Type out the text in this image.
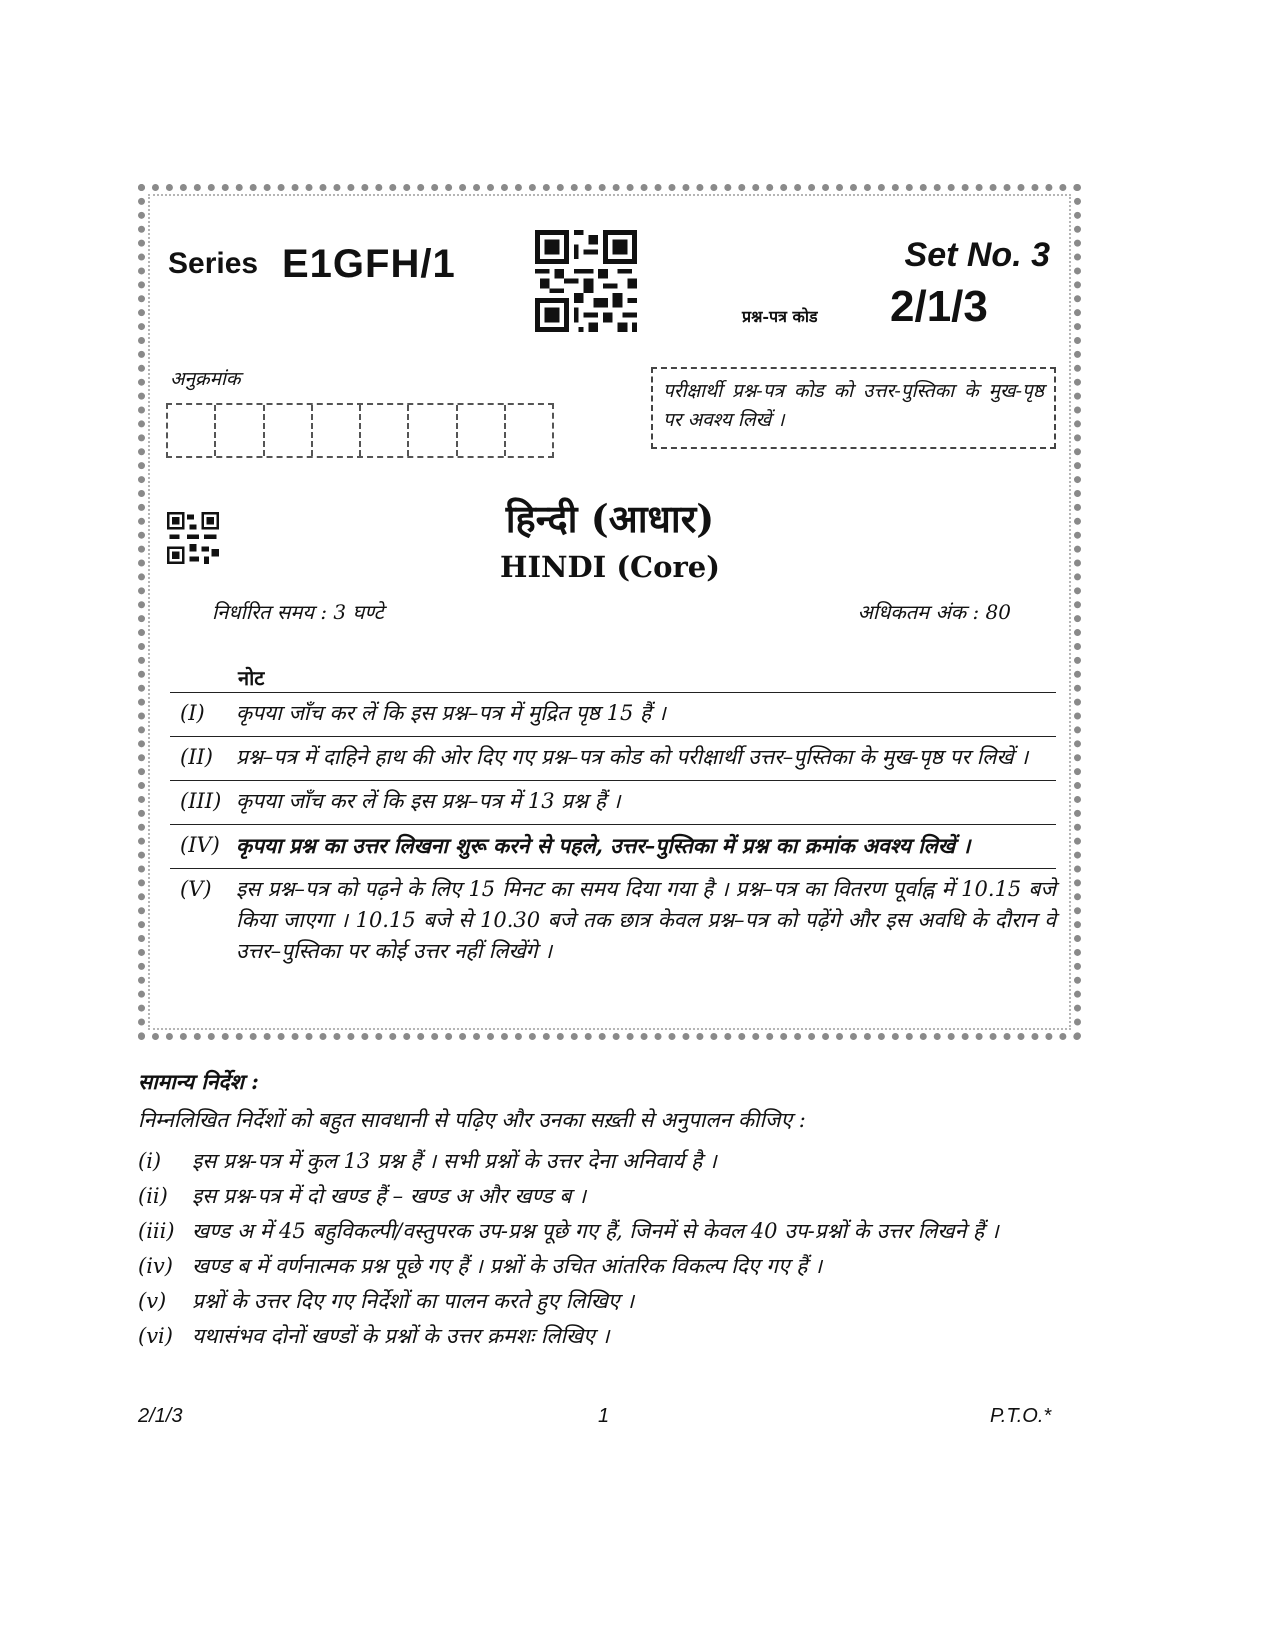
Series E1GFH/1	Set No. 3
प्रश्न-पत्र कोड 2/1/3
अनुक्रमांक
परीक्षार्थी प्रश्न-पत्र कोड को उत्तर-पुस्तिका के मुख-पृष्ठ पर अवश्य लिखें ।
हिन्दी (आधार)
HINDI (Core)
निर्धारित समय : 3 घण्टे	अधिकतम अंक : 80
नोट
(I)	कृपया जाँच कर लें कि इस प्रश्न–पत्र में मुद्रित पृष्ठ 15 हैं ।
(II)	प्रश्न–पत्र में दाहिने हाथ की ओर दिए गए प्रश्न–पत्र कोड को परीक्षार्थी उत्तर–पुस्तिका के मुख-पृष्ठ पर लिखें ।
(III) कृपया जाँच कर लें कि इस प्रश्न–पत्र में 13 प्रश्न हैं ।
(IV) कृपया प्रश्न का उत्तर लिखना शुरू करने से पहले, उत्तर–पुस्तिका में प्रश्न का क्रमांक अवश्य लिखें ।
(V)	इस प्रश्न–पत्र को पढ़ने के लिए 15 मिनट का समय दिया गया है । प्रश्न–पत्र का वितरण पूर्वाह्न में 10.15 बजे किया जाएगा । 10.15 बजे से 10.30 बजे तक छात्र केवल प्रश्न–पत्र को पढ़ेंगे और इस अवधि के दौरान वे उत्तर–पुस्तिका पर कोई उत्तर नहीं लिखेंगे ।
सामान्य निर्देश :
निम्नलिखित निर्देशों को बहुत सावधानी से पढ़िए और उनका सख़्ती से अनुपालन कीजिए :
(i)	इस प्रश्न-पत्र में कुल 13 प्रश्न हैं । सभी प्रश्नों के उत्तर देना अनिवार्य है ।
(ii)	इस प्रश्न-पत्र में दो खण्ड हैं – खण्ड अ और खण्ड ब ।
(iii) खण्ड अ में 45 बहुविकल्पी/वस्तुपरक उप-प्रश्न पूछे गए हैं, जिनमें से केवल 40 उप-प्रश्नों के उत्तर लिखने हैं ।
(iv) खण्ड ब में वर्णनात्मक प्रश्न पूछे गए हैं । प्रश्नों के उचित आंतरिक विकल्प दिए गए हैं ।
(v)	प्रश्नों के उत्तर दिए गए निर्देशों का पालन करते हुए लिखिए ।
(vi) यथासंभव दोनों खण्डों के प्रश्नों के उत्तर क्रमशः लिखिए ।
2/1/3	1	P.T.O.*
